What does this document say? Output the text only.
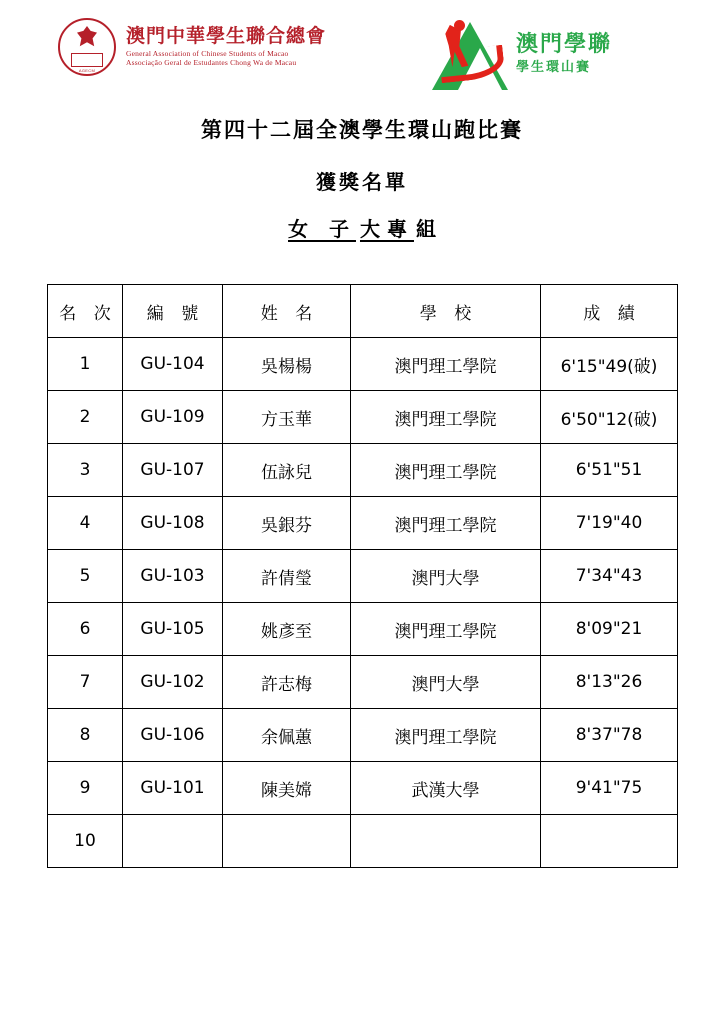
AGECM
澳門中華學生聯合總會
General Association of Chinese Students of Macao
Associação Geral de Estudantes Chong Wa de Macau
澳門學聯
學生環山賽
第四十二屆全澳學生環山跑比賽
獲獎名單
女 子 大專 組
名 次	編 號	姓 名	學 校	成 績
1	GU-104	吳楊楊	澳門理工學院	6'15"49(破)
2	GU-109	方玉華	澳門理工學院	6'50"12(破)
3	GU-107	伍詠兒	澳門理工學院	6'51"51
4	GU-108	吳銀芬	澳門理工學院	7'19"40
5	GU-103	許倩瑩	澳門大學	7'34"43
6	GU-105	姚彥至	澳門理工學院	8'09"21
7	GU-102	許志梅	澳門大學	8'13"26
8	GU-106	余佩蕙	澳門理工學院	8'37"78
9	GU-101	陳美嫦	武漢大學	9'41"75
10				
